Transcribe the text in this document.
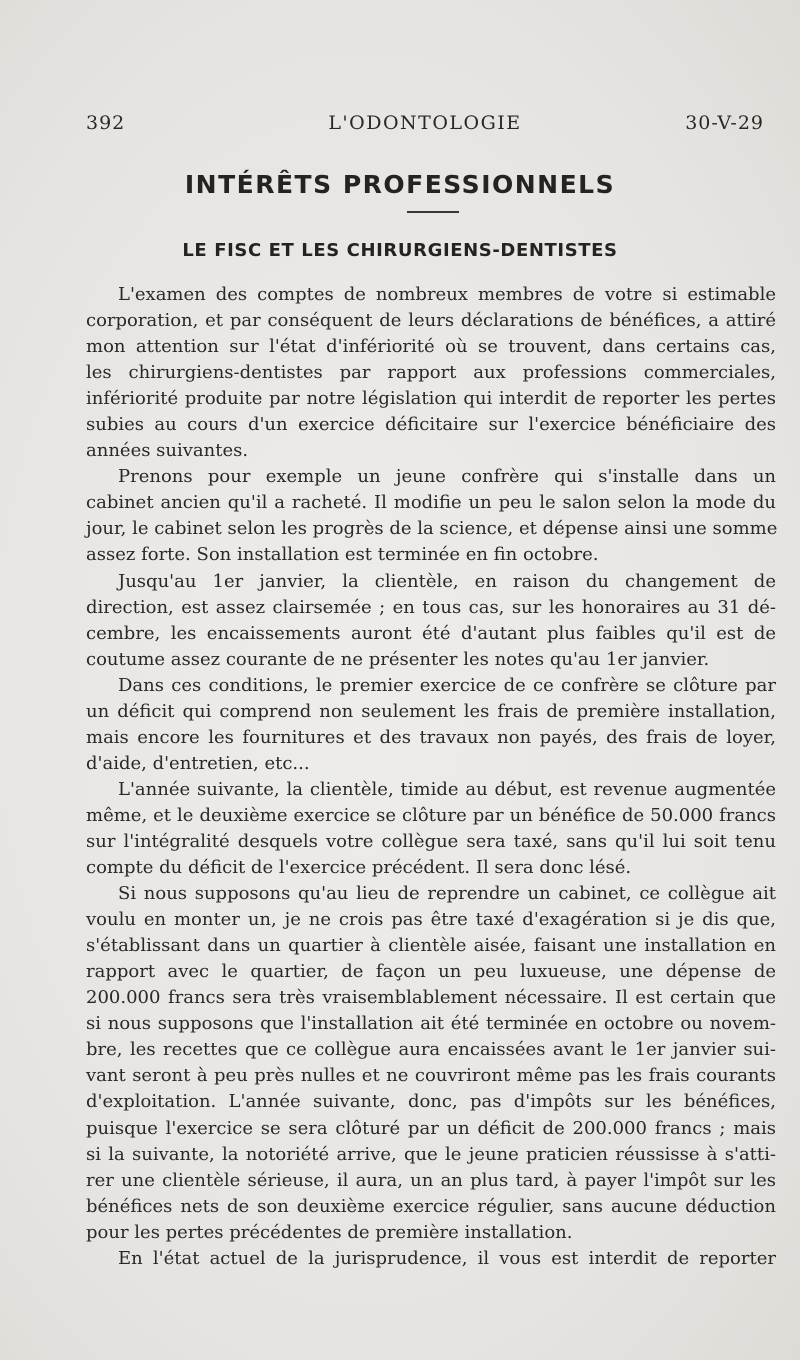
392	L'ODONTOLOGIE	30-V-29
INTÉRÊTS PROFESSIONNELS
LE FISC ET LES CHIRURGIENS-DENTISTES
L'examen des comptes de nombreux membres de votre si estimable
corporation, et par conséquent de leurs déclarations de bénéfices, a attiré
mon attention sur l'état d'infériorité où se trouvent, dans certains cas,
les chirurgiens-dentistes par rapport aux professions commerciales,
infériorité produite par notre législation qui interdit de reporter les pertes
subies au cours d'un exercice déficitaire sur l'exercice bénéficiaire des
années suivantes.
Prenons pour exemple un jeune confrère qui s'installe dans un
cabinet ancien qu'il a racheté. Il modifie un peu le salon selon la mode du
jour, le cabinet selon les progrès de la science, et dépense ainsi une somme
assez forte. Son installation est terminée en fin octobre.
Jusqu'au 1er janvier, la clientèle, en raison du changement de
direction, est assez clairsemée ; en tous cas, sur les honoraires au 31 dé-
cembre, les encaissements auront été d'autant plus faibles qu'il est de
coutume assez courante de ne présenter les notes qu'au 1er janvier.
Dans ces conditions, le premier exercice de ce confrère se clôture par
un déficit qui comprend non seulement les frais de première installation,
mais encore les fournitures et des travaux non payés, des frais de loyer,
d'aide, d'entretien, etc...
L'année suivante, la clientèle, timide au début, est revenue augmentée
même, et le deuxième exercice se clôture par un bénéfice de 50.000 francs
sur l'intégralité desquels votre collègue sera taxé, sans qu'il lui soit tenu
compte du déficit de l'exercice précédent. Il sera donc lésé.
Si nous supposons qu'au lieu de reprendre un cabinet, ce collègue ait
voulu en monter un, je ne crois pas être taxé d'exagération si je dis que,
s'établissant dans un quartier à clientèle aisée, faisant une installation en
rapport avec le quartier, de façon un peu luxueuse, une dépense de
200.000 francs sera très vraisemblablement nécessaire. Il est certain que
si nous supposons que l'installation ait été terminée en octobre ou novem-
bre, les recettes que ce collègue aura encaissées avant le 1er janvier sui-
vant seront à peu près nulles et ne couvriront même pas les frais courants
d'exploitation. L'année suivante, donc, pas d'impôts sur les bénéfices,
puisque l'exercice se sera clôturé par un déficit de 200.000 francs ; mais
si la suivante, la notoriété arrive, que le jeune praticien réussisse à s'atti-
rer une clientèle sérieuse, il aura, un an plus tard, à payer l'impôt sur les
bénéfices nets de son deuxième exercice régulier, sans aucune déduction
pour les pertes précédentes de première installation.
En l'état actuel de la jurisprudence, il vous est interdit de reporter
